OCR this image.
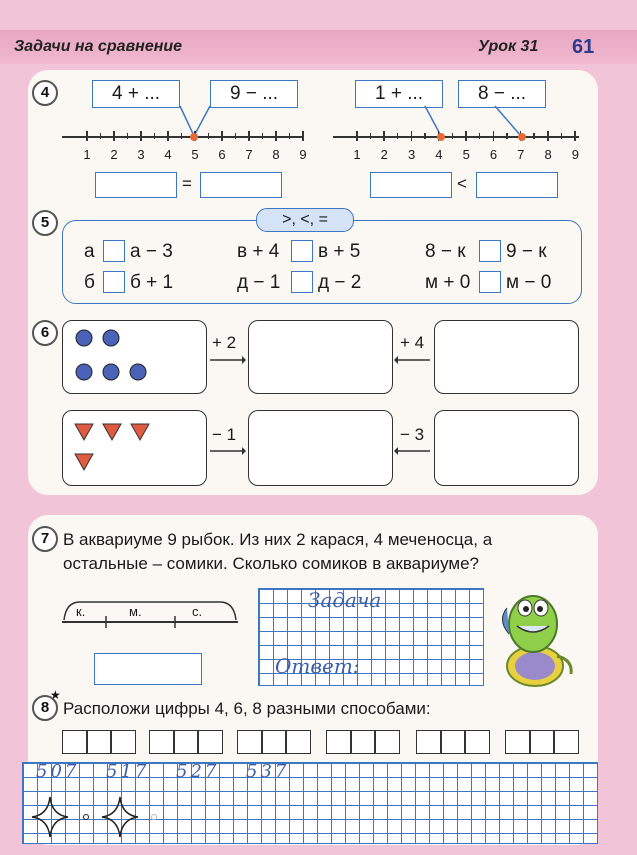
Задачи на сравнение	Урок 31 61
4	4 + ...	9 − ...	1 + ...	8 − ...
1 2 3 4 5 6 7 8 9	1 2 3 4 5 6 7 8 9
=	<
5	>, <, =
а а − 3	в + 4 в + 5	8 − к 9 − к
б б + 1	д − 1 д − 2	м + 0 м − 0
6
+ 2	+ 4
− 1	− 3
7 В аквариуме 9 рыбок. Из них 2 карася, 4 меченосца, а
остальные – сомики. Сколько сомиков в аквариуме?
к.	м.	с.	Задача
Ответ:
8
★
Расположи цифры 4, 6, 8 разными способами:
507 517 527 537
